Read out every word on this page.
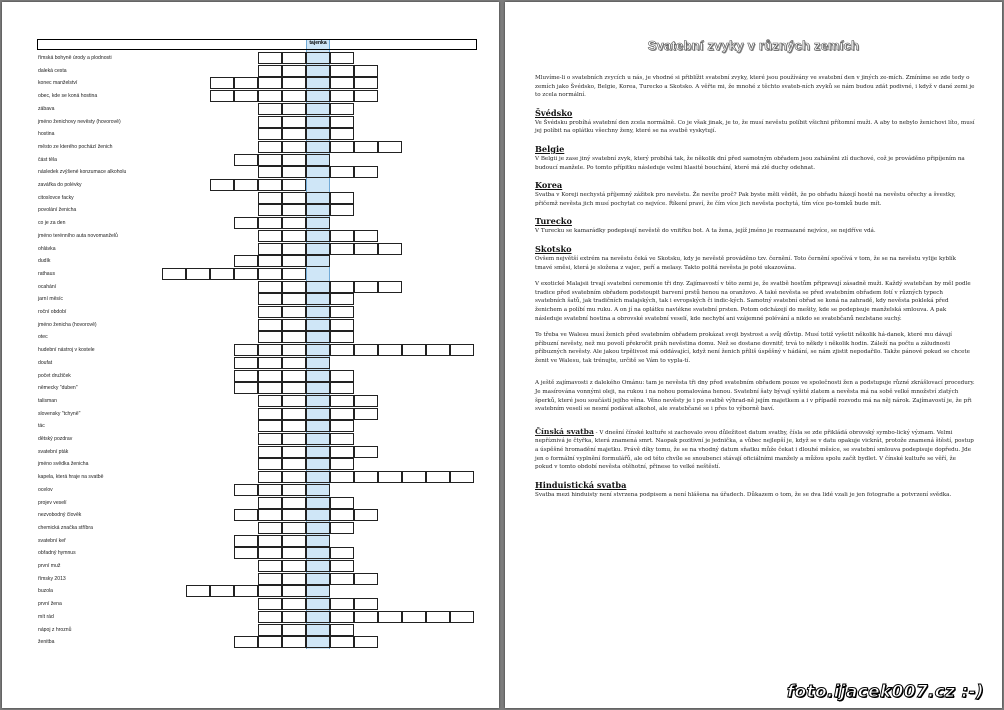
tajenka
římská bohyně úrody a plodnosti
daleká cesta
konec manželství
obec, kde se koná hostina
zábava
jméno ženichovy nevěsty (hovorově)
hostina
město ze kterého pochází ženich
část těla
následek zvýšené konzumace alkoholu
zavářka do polévky
citoslovce facky
povolání ženicha
co je za den
jméno terénního auta novomanželů
ohlávka
dudík
rathaus
ocahání
jarní měsíc
roční období
jméno ženicha (hovorově)
otec
hudební nástroj v kostele
doufat
počet družiček
německy "duben"
talisman
slovensky "tchyně"
tác
dětský pozdrav
svatební pták
jméno svědka ženicha
kapela, která hraje na svatbě
ocelov
projev veselí
nezvobodný člověk
chemická značka stříbra
svatební keř
obřadný hymnus
první muž
římsky 2013
buzola
první žena
mít rád
nápoj z hroznů
ženitba
Svatební zvyky v různých zemích

Mluvíme-li o svatebních zvycích u nás, je vhodné si přiblížit svatební zvyky, které jsou používány ve svatební den v jiných ze-mích. Zmíníme se zde tedy o zemích jako Švédsko, Belgie, Korea, Turecko a Skotsko. A věřte mi, že mnohé z těchto svateb-ních zvyků se nám budou zdát podivné, i když v dané zemi je to zcela normální.

Švédsko

Ve Švédsku probíhá svatební den zcela normálně. Co je však jinak, je to, že musí nevěstu políbit všichni přítomní muži. A aby to nebylo ženichovi líto, musí jej políbit na oplátku všechny ženy, které se na svatbě vyskytují.

Belgie

V Belgii je zase jiný svatební zvyk, který probíhá tak, že několik dní před samotným obřadem jsou zaháněni zlí duchové, což je prováděno připíjením na budoucí manžele. Po tomto přípitku následuje velmi hlasité bouchání, které má zlé duchy odehnat.

Korea

Svatba v Koreji nechystá příjemný zážitek pro nevěstu. Že nevíte proč? Pak byste měli vědět, že po obřadu házejí hosté na nevěstu ořechy a švestky, přičemž nevěsta jich musí pochytat co nejvíce. Říkení praví, že čím více jich nevěsta pochytá, tím více po-tomků bude mít.

Turecko

V Turecku se kamarádky podepisují nevěstě do vnitřku bot. A ta žena, jejíž jméno je rozmazané nejvíce, se nejdříve vdá.

Skotsko

Ovšem největší extrém na nevěstu čeká ve Skotsku, kdy je nevěstě prováděno tzv. černění. Toto černění spočívá v tom, že se na nevěstu vylije kyblík tmavé směsi, která je složena z vajec, peří a melasy. Takto politá nevěsta je poté ukazována.

V exotické Malajsii trvají svatební ceremonie tři dny. Zajímavostí v této zemi je, že svatbě hostům připravují zásadně muži. Každý svatebčan by měl podle tradice před svatebním obřadem podstoupit barvení prstů henou na oranžovo. A také nevěsta se před svatebním obřadem fotí v různých typech svatebních šatů, jak tradičních malajských, tak i evropských či indic-kých. Samotný svatební obřad se koná na zahradě, kdy nevěsta pokleká před ženichem a políbí mu ruku. A on jí na oplátku navlékne svatební prsten. Potom odcházejí do mešity, kde se podepisuje manželská smlouva. A pak následuje svatební hostina a obrovské svatební veselí, kde nechybí ani vzájemné polévání a nikdo se svatebčanů nezlstane suchý.

To třeba ve Walesu musí ženich před svatebním obřadem prokázat svoji bystrost a svůj důvtip. Musí totiž vyšetit několik há-danek, které mu dávají příbuzní nevěsty, než mu povolí překročit práh nevěstina domu. Než se dostane dovnitř, trvá to někdy i několik hodin. Záleží na počtu a záludnosti příbuzných nevěsty. Ale jakou trpělivost má oddávající, když není ženich příliš úspěšný v hádání, se nám zjistit nepodařilo. Takže pánové pokud se chcete ženit ve Walesu, tak trénujte, určitě se Vám to vypla-tí.

A ještě zajímavosti z dalekého Ománu: tam je nevěsta tři dny před svatebním obřadem pouze ve společnosti žen a podstupuje různé zkrášlovací procedury. Je masírována vonnými oleji, na rukou i na nohou pomalována henou. Svatební šaty bývají vyšité zlatem a nevěsta má na sobě velké množství zlatých šperků, které jsou součástí jejího věna. Věno nevěsty je i po svatbě výhrad-ně jejím majetkem a i v případě rozvodu má na něj nárok. Zajímavostí je, že při svatebním veselí se nesmí podávat alkohol, ale svatebčané se i přes to výborně baví.

Čínská svatba - V dnešní čínské kultuře si zachovalo svou důležitost datum svatby, čísla se zde přikládá obrovský symbo-lický význam. Velmi nepříznivá je čtyřka, která znamená smrt. Naopak pozitivní je jednička, a vůbec nejlepší je, když se v datu opakuje vickrát, protože znamená štěstí, postup a úspěšné hromadění majetku. Právě díky tomu, že se na vhodný datum sňatku může čekat i dlouhé měsíce, se svatební smlouva podepisuje dopředu. Jde jen o formální vyplnění formulářů, ale od této chvíle se snoubenci stávají oficiálními manžely a můžou spolu začít bydlet. V čínské kultuře se věří, že pokud v tomto období nevěsta otěhotní, přinese to velké neštěstí.

Hinduistická svatba

Svatba mezi hinduisty není stvrzena podpisem a není hlášena na úřadech. Důkazem o tom, že se dva lidé vzali je jen fotografie a potvrzení svědka.

foto.ijacek007.cz :-)
